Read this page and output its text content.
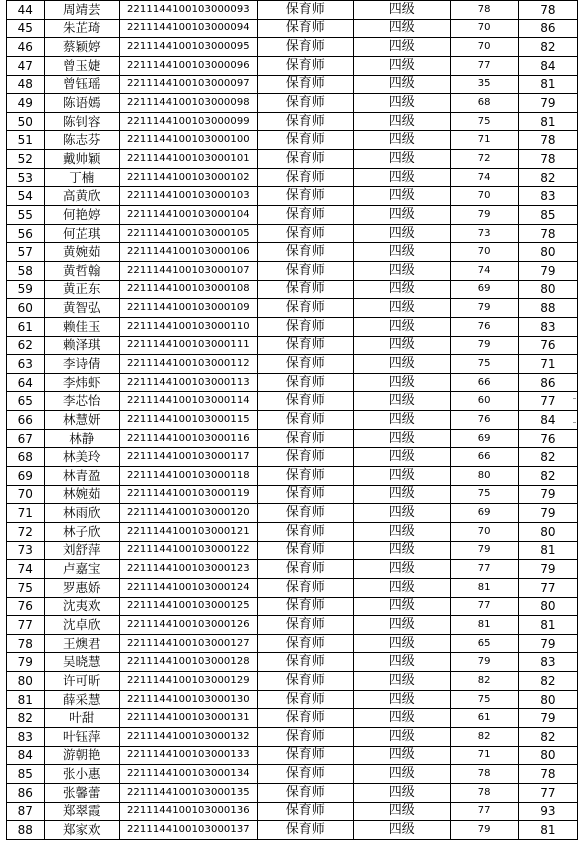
44	周靖芸	2211144100103000093	保育师	四级	78	78
45	朱芷琦	2211144100103000094	保育师	四级	70	86
46	蔡颖婷	2211144100103000095	保育师	四级	70	82
47	曾玉婕	2211144100103000096	保育师	四级	77	84
48	曾钰瑶	2211144100103000097	保育师	四级	35	81
49	陈语嫣	2211144100103000098	保育师	四级	68	79
50	陈钊容	2211144100103000099	保育师	四级	75	81
51	陈志芬	2211144100103000100	保育师	四级	71	78
52	戴帅颖	2211144100103000101	保育师	四级	72	78
53	丁楠	2211144100103000102	保育师	四级	74	82
54	高黄欣	2211144100103000103	保育师	四级	70	83
55	何艳婷	2211144100103000104	保育师	四级	79	85
56	何芷琪	2211144100103000105	保育师	四级	73	78
57	黄婉茹	2211144100103000106	保育师	四级	70	80
58	黄哲翰	2211144100103000107	保育师	四级	74	79
59	黄正东	2211144100103000108	保育师	四级	69	80
60	黄智弘	2211144100103000109	保育师	四级	79	88
61	赖佳玉	2211144100103000110	保育师	四级	76	83
62	赖泽琪	2211144100103000111	保育师	四级	79	76
63	李诗倩	2211144100103000112	保育师	四级	75	71
64	李炜虾	2211144100103000113	保育师	四级	66	86
65	李芯怡	2211144100103000114	保育师	四级	60	77
66	林慧妍	2211144100103000115	保育师	四级	76	84
67	林静	2211144100103000116	保育师	四级	69	76
68	林美玲	2211144100103000117	保育师	四级	66	82
69	林青盈	2211144100103000118	保育师	四级	80	82
70	林婉茹	2211144100103000119	保育师	四级	75	79
71	林雨欣	2211144100103000120	保育师	四级	69	79
72	林子欣	2211144100103000121	保育师	四级	70	80
73	刘舒萍	2211144100103000122	保育师	四级	79	81
74	卢嘉宝	2211144100103000123	保育师	四级	77	79
75	罗惠娇	2211144100103000124	保育师	四级	81	77
76	沈夷欢	2211144100103000125	保育师	四级	77	80
77	沈卓欣	2211144100103000126	保育师	四级	81	81
78	王燠君	2211144100103000127	保育师	四级	65	79
79	吴晓慧	2211144100103000128	保育师	四级	79	83
80	许可昕	2211144100103000129	保育师	四级	82	82
81	薛采慧	2211144100103000130	保育师	四级	75	80
82	叶甜	2211144100103000131	保育师	四级	61	79
83	叶钰萍	2211144100103000132	保育师	四级	82	82
84	游朝艳	2211144100103000133	保育师	四级	71	80
85	张小惠	2211144100103000134	保育师	四级	78	78
86	张馨蕾	2211144100103000135	保育师	四级	78	77
87	郑翠霞	2211144100103000136	保育师	四级	77	93
88	郑家欢	2211144100103000137	保育师	四级	79	81
